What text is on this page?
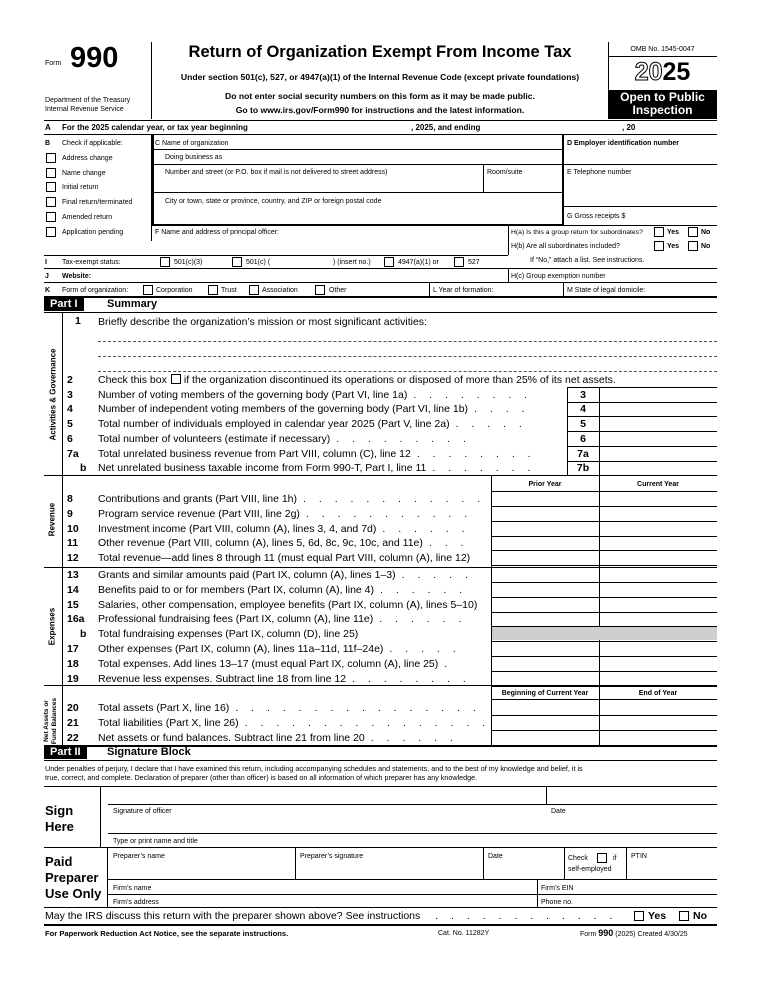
Form 990
Department of the Treasury
Internal Revenue Service
Return of Organization Exempt From Income Tax
Under section 501(c), 527, or 4947(a)(1) of the Internal Revenue Code (except private foundations)
Do not enter social security numbers on this form as it may be made public.
Go to www.irs.gov/Form990 for instructions and the latest information.
OMB No. 1545-0047
2025
Open to Public
Inspection
A For the 2025 calendar year, or tax year beginning	, 2025, and ending	, 20
B Check if applicable:
Address change
Name change
Initial return
Final return/terminated
Amended return
Application pending
C Name of organization
Doing business as
Number and street (or P.O. box if mail is not delivered to street address)	Room/suite
City or town, state or province, country, and ZIP or foreign postal code
D Employer identification number
E Telephone number
G Gross receipts $
F Name and address of principal officer:	H(a) Is this a group return for subordinates?	Yes	No
H(b) Are all subordinates included?	Yes	No
If “No,” attach a list. See instructions.
I Tax-exempt status:	501(c)(3)	501(c) (	) (insert no.)	4947(a)(1) or	527
J Website:	H(c) Group exemption number
K Form of organization:	Corporation	Trust	Association	Other	L Year of formation:	M State of legal domicile:
Part I	Summary
Activities & Governance
Revenue
Expenses
Net Assets or Fund Balances
1 Briefly describe the organization’s mission or most significant activities:
2 Check this box if the organization discontinued its operations or disposed of more than 25% of its net assets.
3 Number of voting members of the governing body (Part VI, line 1a) . . . . . . . .	3
4 Number of independent voting members of the governing body (Part VI, line 1b) . . . .	4
5 Total number of individuals employed in calendar year 2025 (Part V, line 2a) . . . . .	5
6 Total number of volunteers (estimate if necessary) . . . . . . . . .	6
7a Total unrelated business revenue from Part VIII, column (C), line 12 . . . . . . . .	7a
b Net unrelated business taxable income from Form 990-T, Part I, line 11 . . . . . . .	7b
Prior Year	Current Year
8 Contributions and grants (Part VIII, line 1h) . . . . . . . . . . . .
9 Program service revenue (Part VIII, line 2g) . . . . . . . . . . .
10 Investment income (Part VIII, column (A), lines 3, 4, and 7d) . . . . . .
11 Other revenue (Part VIII, column (A), lines 5, 6d, 8c, 9c, 10c, and 11e) . . .
12 Total revenue—add lines 8 through 11 (must equal Part VIII, column (A), line 12)
13 Grants and similar amounts paid (Part IX, column (A), lines 1–3) . . . . .
14 Benefits paid to or for members (Part IX, column (A), line 4) . . . . . .
15 Salaries, other compensation, employee benefits (Part IX, column (A), lines 5–10)
16a Professional fundraising fees (Part IX, column (A), line 11e) . . . . . .
b Total fundraising expenses (Part IX, column (D), line 25)
17 Other expenses (Part IX, column (A), lines 11a–11d, 11f–24e) . . . . .
18 Total expenses. Add lines 13–17 (must equal Part IX, column (A), line 25) .
19 Revenue less expenses. Subtract line 18 from line 12 . . . . . . . .
Beginning of Current Year	End of Year
20 Total assets (Part X, line 16) . . . . . . . . . . . . . . . .
21 Total liabilities (Part X, line 26) . . . . . . . . . . . . . . . .
22 Net assets or fund balances. Subtract line 21 from line 20 . . . . . .
Part II	Signature Block
Under penalties of perjury, I declare that I have examined this return, including accompanying schedules and statements, and to the best of my knowledge and belief, it is
true, correct, and complete. Declaration of preparer (other than officer) is based on all information of which preparer has any knowledge.
Sign
Here
Signature of officer	Date
Type or print name and title
Paid
Preparer
Use Only
Preparer’s name	Preparer’s signature	Date	Check	if
self-employed
PTIN
Firm’s name	Firm’s EIN
Firm’s address	Phone no.
May the IRS discuss this return with the preparer shown above? See instructions . . . . . . . . . . . .	Yes	No
For Paperwork Reduction Act Notice, see the separate instructions.	Cat. No. 11282Y	Form 990 (2025) Created 4/30/25
